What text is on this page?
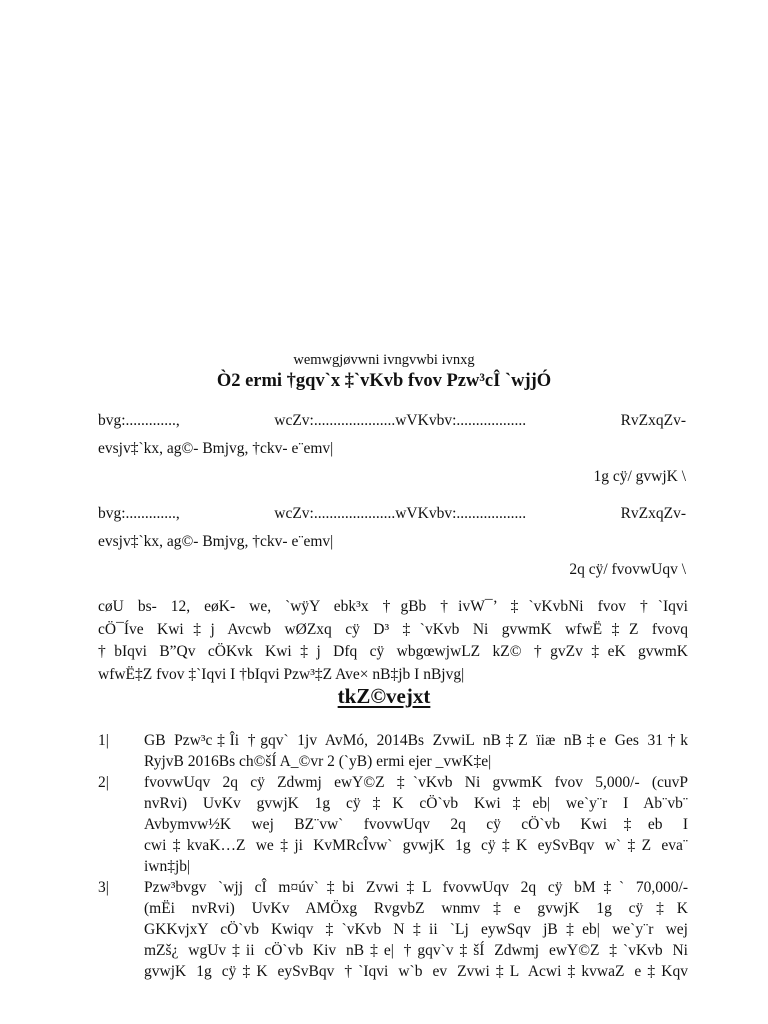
wemwgjøvwni ivngvwbi ivnxg
Ò2 ermi †gqv`x ‡`vKvb fvov Pzw³cÎ `wjjÓ
bvg:.............,	wcZv:.....................wVKvbv:..................	RvZxqZv-
evsjv‡`kx, ag©- Bmjvg, †ckv- e¨emv|
1g cÿ/ gvwjK \
bvg:.............,	wcZv:.....................wVKvbv:..................	RvZxqZv-
evsjv‡`kx, ag©- Bmjvg, †ckv- e¨emv|
2q cÿ/ fvovwUqv \
cøU bs- 12, eøK- we, `wÿY ebk³x †gBb †ivW¯’ ‡`vKvbNi fvov †`Iqvi
cÖ¯Íve Kwi‡j Avcwb wØZxq cÿ D³ ‡`vKvb Ni gvwmK wfwË‡Z fvovq
†bIqvi B”Qv cÖKvk Kwi‡j Dfq cÿ wbgœwjwLZ kZ© †gvZv‡eK gvwmK
wfwË‡Z fvov ‡`Iqvi I †bIqvi Pzw³‡Z Ave× nB‡jb I nBjvg|
tkZ©vejxt
1| GB Pzw³c‡Îi †gqv` 1jv AvMó, 2014Bs ZvwiL nB‡Z ïiæ nB‡e Ges 31†k
RyjvB 2016Bs ch©šÍ A_©vr 2 (`yB) ermi ejer _vwK‡e|
2| fvovwUqv 2q cÿ Zdwmj ewY©Z ‡`vKvb Ni gvwmK fvov 5,000/- (cuvP
nvRvi) UvKv gvwjK 1g cÿ‡K cÖ`vb Kwi‡eb| we`y¨r I Ab¨vb¨
Avbymvw½K wej BZ¨vw` fvovwUqv 2q cÿ cÖ`vb Kwi‡eb I
cwi‡kvaK…Z we‡ji KvMRcÎvw` gvwjK 1g cÿ‡K eySvBqv w`‡Z eva¨
iwn‡jb|
3| Pzw³bvgv `wjj cÎ m¤úv`‡bi Zvwi‡L fvovwUqv 2q cÿ bM‡` 70,000/-
(mËi nvRvi) UvKv AMÖxg RvgvbZ wnmv‡e gvwjK 1g cÿ‡K
GKKvjxY cÖ`vb Kwiqv ‡`vKvb N‡ii `Lj eywSqv jB‡eb| we`y¨r wej
mZš¿ wgUv‡ii cÖ`vb Kiv nB‡e| †gqv`v‡šÍ Zdwmj ewY©Z ‡`vKvb Ni
gvwjK 1g cÿ‡K eySvBqv †`Iqvi w`b ev Zvwi‡L Acwi‡kvwaZ e‡Kqv
